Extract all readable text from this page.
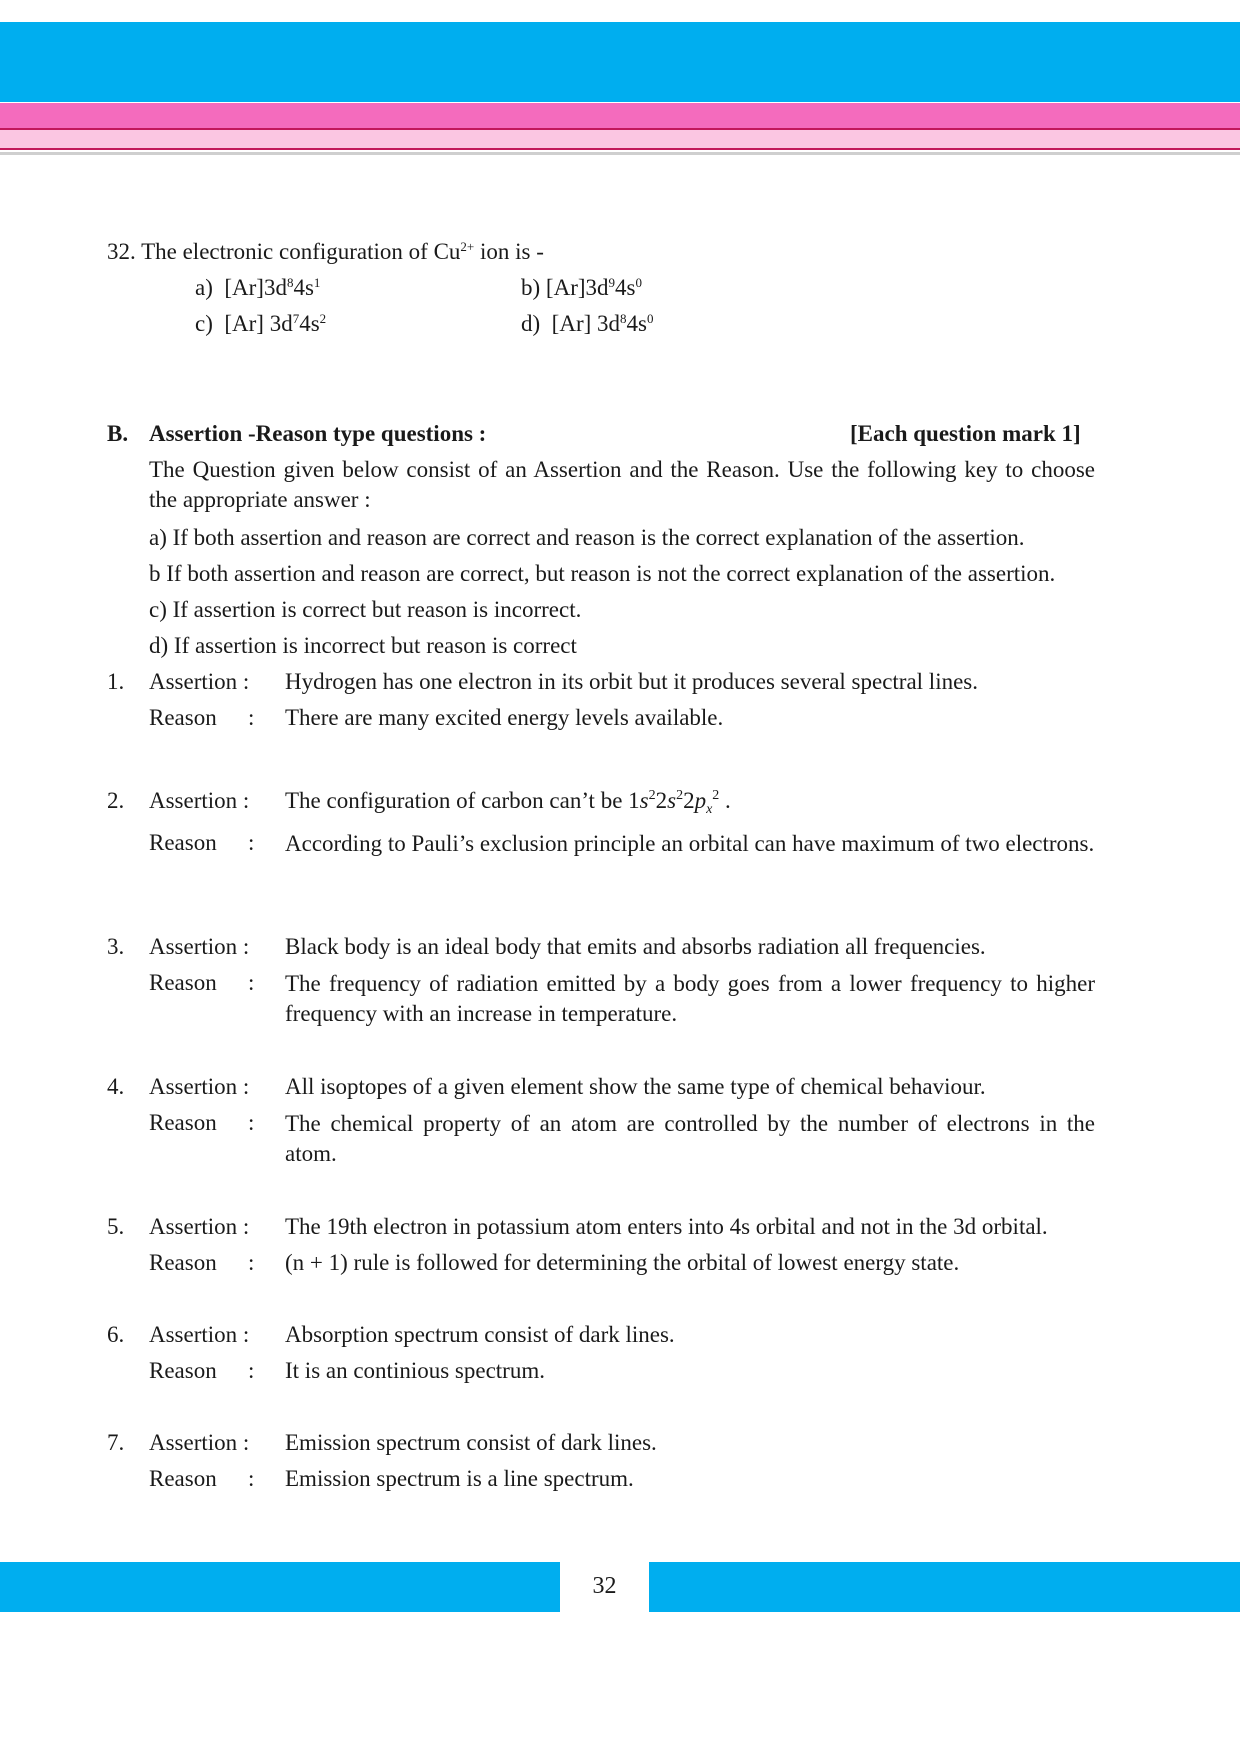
32. The electronic configuration of $Cu^{2+}$ ion is -
a) $[Ar]3d^84s^1$	b) $[Ar]3d^94s^0$
c) [Ar] $3d^74s^2$	d) [Ar] $3d^84s^0$
B. Assertion -Reason type questions :	[Each question mark 1]
The Question given below consist of an Assertion and the Reason. Use the following key to choose the appropriate answer :
a) If both assertion and reason are correct and reason is the correct explanation of the assertion.
b If both assertion and reason are correct, but reason is not the correct explanation of the assertion.
c) If assertion is correct but reason is incorrect.
d) If assertion is incorrect but reason is correct
1. Assertion : Hydrogen has one electron in its orbit but it produces several spectral lines.
Reason : There are many excited energy levels available.
2. Assertion : The configuration of carbon can’t be $1s^22s^22p_x^2$ .
Reason : According to Pauli’s exclusion principle an orbital can have maximum of two electrons.
3. Assertion : Black body is an ideal body that emits and absorbs radiation all frequencies.
Reason : The frequency of radiation emitted by a body goes from a lower frequency to higher frequency with an increase in temperature.
4. Assertion : All isoptopes of a given element show the same type of chemical behaviour.
Reason : The chemical property of an atom are controlled by the number of electrons in the atom.
5. Assertion : The 19th electron in potassium atom enters into 4s orbital and not in the 3d orbital.
Reason : (n + 1) rule is followed for determining the orbital of lowest energy state.
6. Assertion : Absorption spectrum consist of dark lines.
Reason : It is an continious spectrum.
7. Assertion : Emission spectrum consist of dark lines.
Reason : Emission spectrum is a line spectrum.
32
